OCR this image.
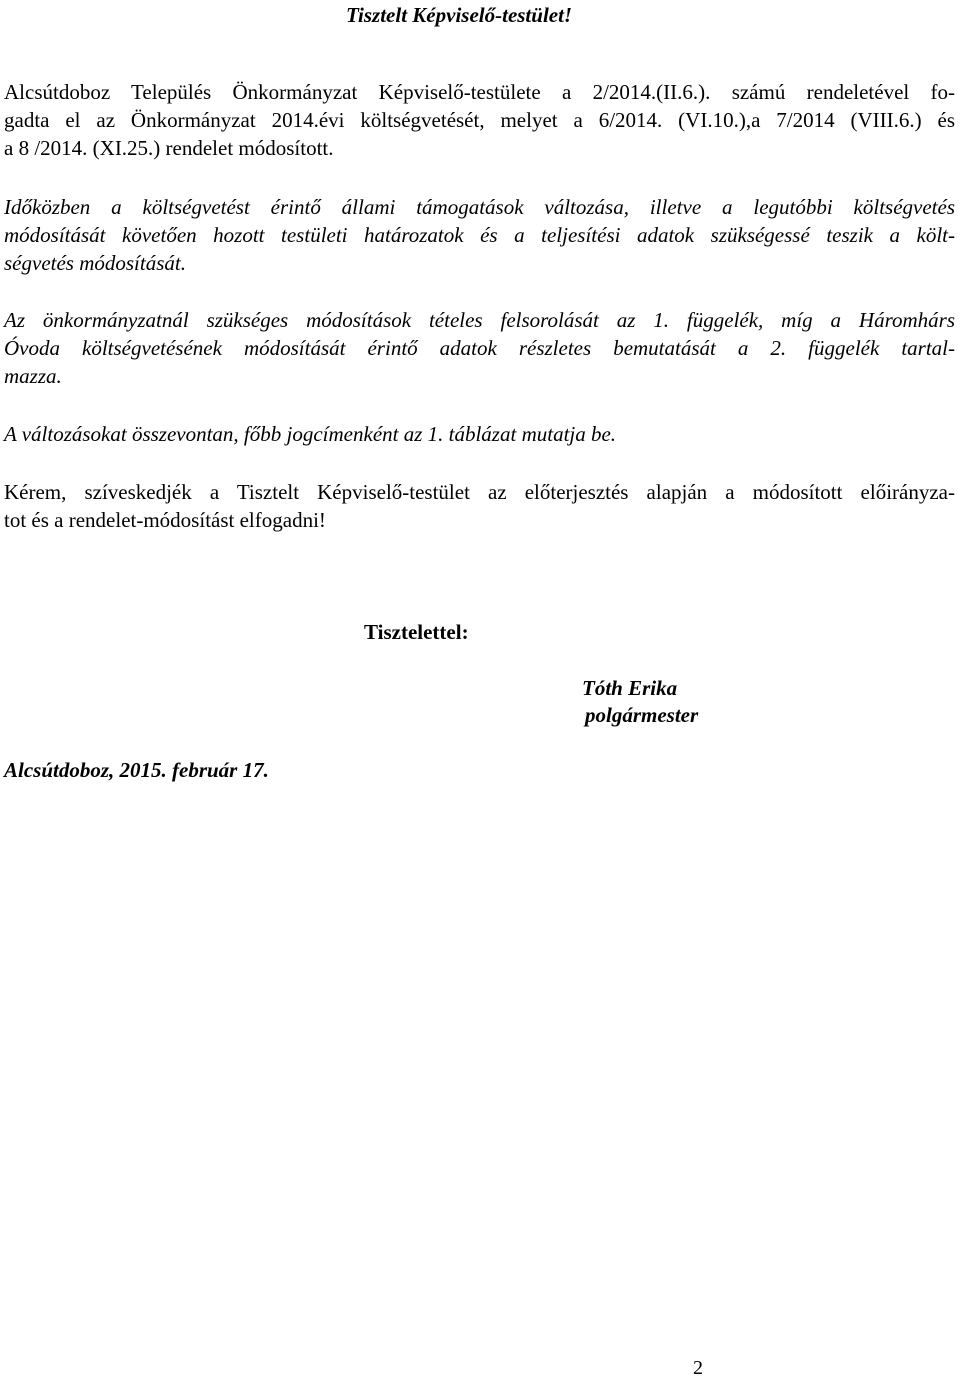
Tisztelt Képviselő-testület!

Alcsútdoboz Település Önkormányzat Képviselő-testülete a 2/2014.(II.6.). számú rendeletével fo-

gadta el az Önkormányzat 2014.évi költségvetését, melyet a 6/2014. (VI.10.),a 7/2014 (VIII.6.) és

a 8 /2014. (XI.25.) rendelet módosított.

Időközben a költségvetést érintő állami támogatások változása, illetve a legutóbbi költségvetés

módosítását követően hozott testületi határozatok és a teljesítési adatok szükségessé teszik a költ-

ségvetés módosítását.

Az önkormányzatnál szükséges módosítások tételes felsorolását az 1. függelék, míg a Háromhárs

Óvoda költségvetésének módosítását érintő adatok részletes bemutatását a 2. függelék tartal-

mazza.

A változásokat összevontan, főbb jogcímenként az 1. táblázat mutatja be.

Kérem, szíveskedjék a Tisztelt Képviselő-testület az előterjesztés alapján a módosított előirányza-

tot és a rendelet-módosítást elfogadni!

Tisztelettel:
Tóth Erika
polgármester
Alcsútdoboz, 2015. február 17.
2
